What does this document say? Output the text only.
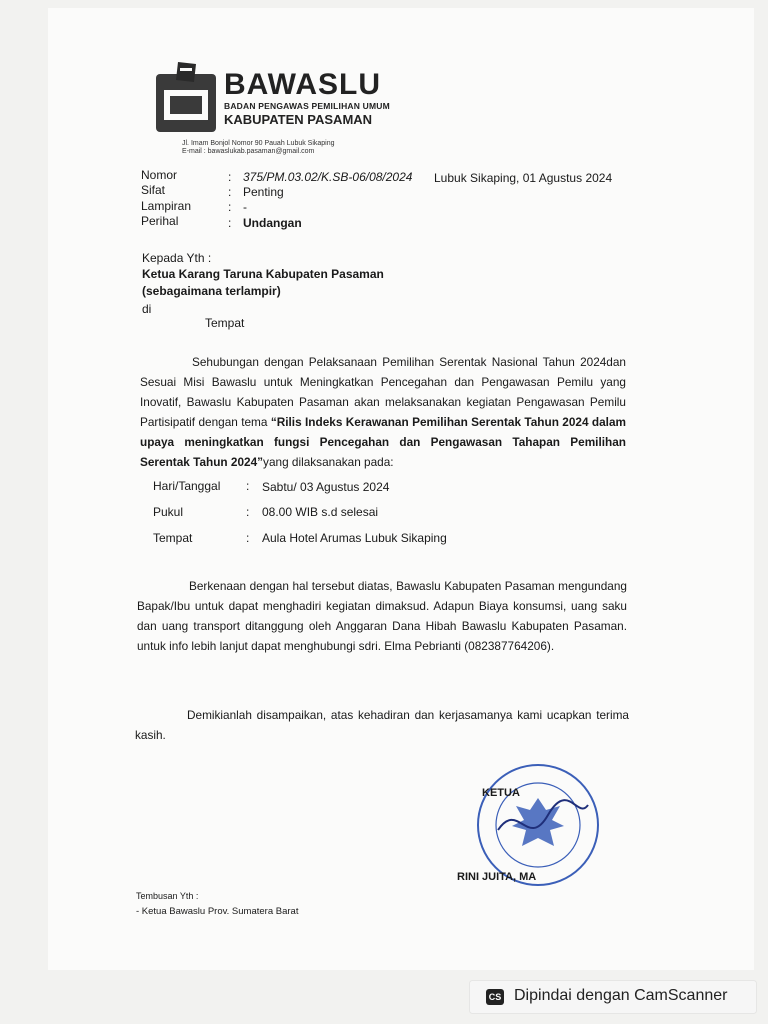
BAWASLU
BADAN PENGAWAS PEMILIHAN UMUM
KABUPATEN PASAMAN
Jl. Imam Bonjol Nomor 90 Pauah Lubuk Sikaping
E-mail : bawaslukab.pasaman@gmail.com
Nomor	: 375/PM.03.02/K.SB-06/08/2024 Lubuk Sikaping, 01 Agustus 2024
Sifat	: Penting
Lampiran	: -
Perihal	: Undangan
Kepada Yth :
Ketua Karang Taruna Kabupaten Pasaman
(sebagaimana terlampir)
di
Tempat

Sehubungan dengan Pelaksanaan Pemilihan Serentak Nasional Tahun 2024dan Sesuai Misi Bawaslu untuk Meningkatkan Pencegahan dan Pengawasan Pemilu yang Inovatif, Bawaslu Kabupaten Pasaman akan melaksanakan kegiatan Pengawasan Pemilu Partisipatif dengan tema “Rilis Indeks Kerawanan Pemilihan Serentak Tahun 2024 dalam upaya meningkatkan fungsi Pencegahan dan Pengawasan Tahapan Pemilihan Serentak Tahun 2024”yang dilaksanakan pada:

Hari/Tanggal : Sabtu/ 03 Agustus 2024
Pukul	: 08.00 WIB s.d selesai
Tempat	: Aula Hotel Arumas Lubuk Sikaping

Berkenaan dengan hal tersebut diatas, Bawaslu Kabupaten Pasaman mengundang Bapak/Ibu untuk dapat menghadiri kegiatan dimaksud. Adapun Biaya konsumsi, uang saku dan uang transport ditanggung oleh Anggaran Dana Hibah Bawaslu Kabupaten Pasaman. untuk info lebih lanjut dapat menghubungi sdri. Elma Pebrianti (082387764206).

Demikianlah disampaikan, atas kehadiran dan kerjasamanya kami ucapkan terima kasih.

KETUA
RINI JUITA, MA
Tembusan Yth :
- Ketua Bawaslu Prov. Sumatera Barat
CS Dipindai dengan CamScanner
